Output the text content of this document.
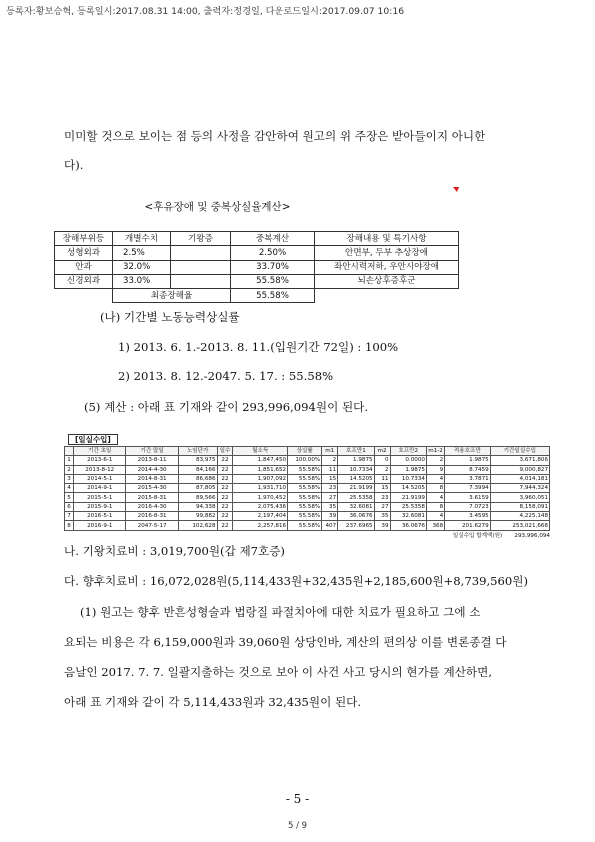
등록자:황보승혁, 등록일시:2017.08.31 14:00, 출력자:정경일, 다운로드일시:2017.09.07 10:16
미미할 것으로 보이는 점 등의 사정을 감안하여 원고의 위 주장은 받아들이지 아니한
다).
<후유장애 및 중복상실율계산>

장해부위등	개별수치	기왕증	중복계산	장해내용 및 특기사항
성형외과	2.5%		2.50%	안면부, 두부 추상장애
안과	32.0%		33.70%	좌안시력저하, 우안시야장애
신경외과	33.0%		55.58%	뇌손상후증후군
	최종장해율		55.58%	
(나) 기간별 노동능력상실률
1) 2013. 6. 1.-2013. 8. 11.(입원기간 72일) : 100%
2) 2013. 8. 12.-2047. 5. 17. : 55.58%
(5) 계산 : 아래 표 기재와 같이 293,996,094원이 된다.
[일실수입]
	기간 초일	기간 말일	노임단가	일수	월소득	상실률	m1	호프만1	m2	호프만2	m1-2	적용호프만	기간일실수입
1	2013-6-1	2013-8-11	83,975	22	1,847,450	100.00%	2	1.9875	0	0.0000	2	1.9875	3,671,806
2	2013-8-12	2014-4-30	84,166	22	1,851,652	55.58%	11	10.7334	2	1.9875	9	8.7459	9,000,827
3	2014-5-1	2014-8-31	86,686	22	1,907,092	55.58%	15	14.5205	11	10.7334	4	3.7871	4,014,181
4	2014-9-1	2015-4-30	87,805	22	1,931,710	55.58%	23	21.9199	15	14.5205	8	7.3994	7,944,324
5	2015-5-1	2015-8-31	89,566	22	1,970,452	55.58%	27	25.5358	23	21.9199	4	3.6159	3,960,051
6	2015-9-1	2016-4-30	94,338	22	2,075,436	55.58%	35	32.6081	27	25.5358	8	7.0723	8,158,091
7	2016-5-1	2016-8-31	99,882	22	2,197,404	55.58%	39	36.0676	35	32.6081	4	3.4595	4,225,148
8	2016-9-1	2047-5-17	102,628	22	2,257,816	55.58%	407	237.6965	39	36.0676	368	201.6279	253,021,668
일실수입 합계액(원) 293,996,094
나. 기왕치료비 : 3,019,700원(갑 제7호증)
다. 향후치료비 : 16,072,028원(5,114,433원+32,435원+2,185,600원+8,739,560원)
(1) 원고는 향후 반흔성형술과 법랑질 파절치아에 대한 치료가 필요하고 그에 소
요되는 비용은 각 6,159,000원과 39,060원 상당인바, 계산의 편의상 이를 변론종결 다
음날인 2017. 7. 7. 일괄지출하는 것으로 보아 이 사건 사고 당시의 현가를 계산하면,
아래 표 기재와 같이 각 5,114,433원과 32,435원이 된다.
- 5 -
5 / 9
